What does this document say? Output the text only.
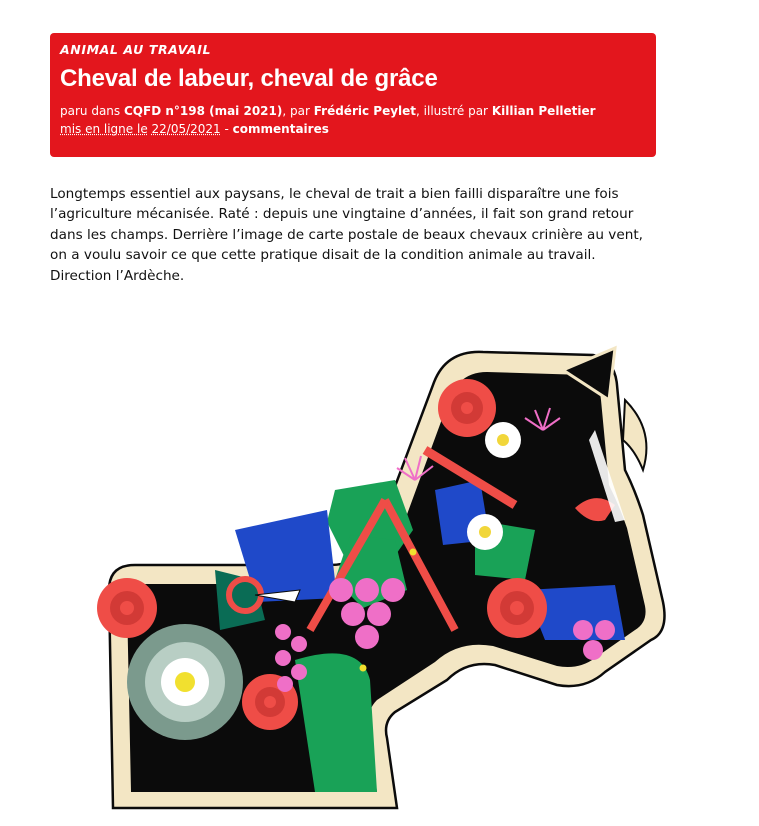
ANIMAL AU TRAVAIL

Cheval de labeur, cheval de grâce
paru dans CQFD n°198 (mai 2021), par Frédéric Peylet, illustré par Killian Pelletier
mis en ligne le 22/05/2021 - commentaires

Longtemps essentiel aux paysans, le cheval de trait a bien failli disparaître une fois l’agriculture mécanisée. Raté : depuis une vingtaine d’années, il fait son grand retour dans les champs. Derrière l’image de carte postale de beaux chevaux crinière au vent, on a voulu savoir ce que cette pratique disait de la condition animale au travail. Direction l’Ardèche.
